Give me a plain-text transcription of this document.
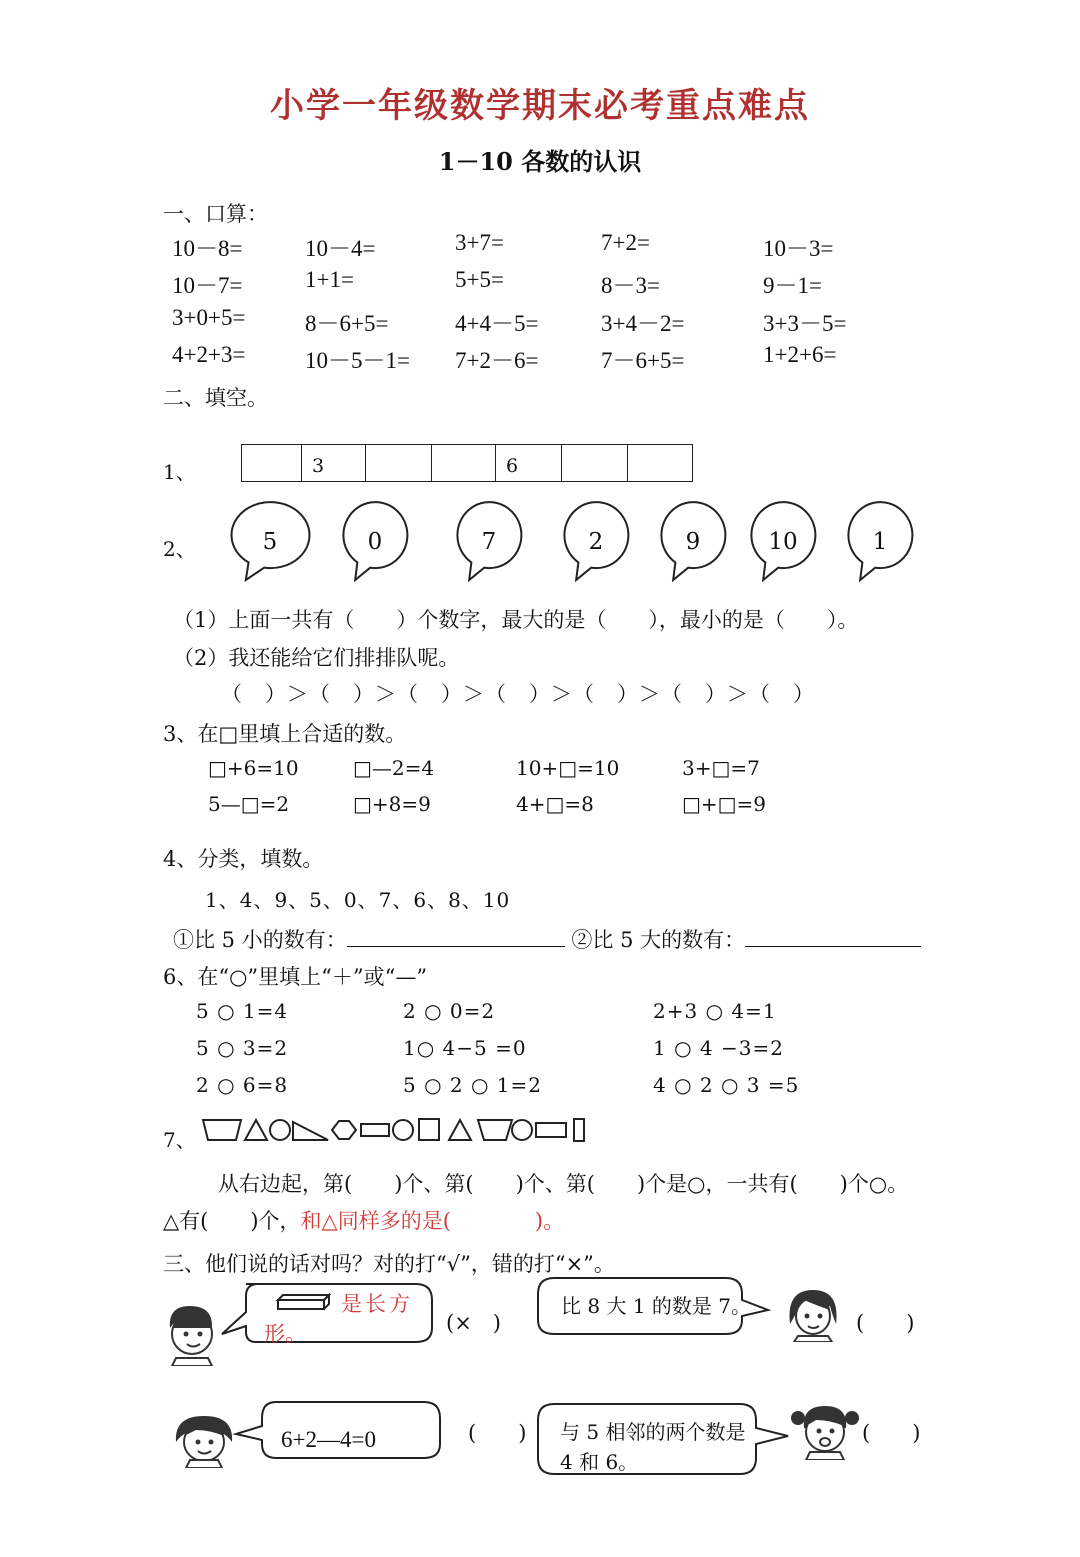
小学一年级数学期末必考重点难点
1－10 各数的认识
一、口算：
10－8=	10－4=	3+7=	7+2=	10－3=
10－7=	1+1=	5+5=	8－3=	9－1=
3+0+5=	8－6+5=	4+4－5=	3+4－2=	3+3－5=
4+2+3=	10－5－1= 7+2－6=	7－6+5=	1+2+6=
二、填空。
1、	3	6
2、	5	0	7	2	9	10	1
（1）上面一共有（　　）个数字，最大的是（　　），最小的是（　　）。
（2）我还能给它们排排队呢。
（　）＞（　）＞（　）＞（　）＞（　）＞（　）＞（　）
3、在□里填上合适的数。
□+6=10	□—2=4	10+□=10	3+□=7
5—□=2	□+8=9	4+□=8	□+□=9
4、分类，填数。
1、4、9、5、0、7、6、8、10
①比 5 小的数有：	②比 5 大的数有：
6、在“○”里填上“＋”或“—”
5 ○ 1=4	2 ○ 0=2	2+3 ○ 4=1
5 ○ 3=2	1○ 4−5 =0	1 ○ 4 −3=2
2 ○ 6=8	5 ○ 2 ○ 1=2	4 ○ 2 ○ 3 =5
7、
从右边起，第(　　)个、第(　　)个、第(　　)个是○，一共有(　　)个○。
△有(　　)个，和△同样多的是(　　　　)。
三、他们说的话对吗？对的打“√”，错的打“×”。
是长方
形。	(×　)
比 8 大 1 的数是 7。
(　　)
6+2—4=0	(　　) 与 5 相邻的两个数是
4 和 6。
(　　)
